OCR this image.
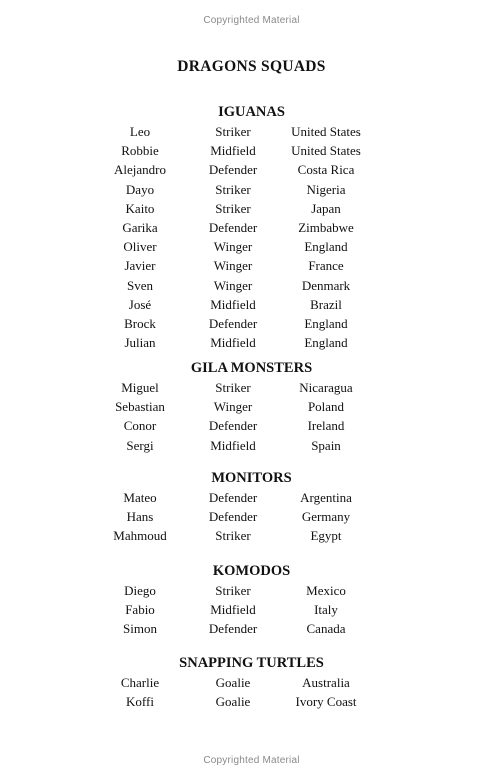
Copyrighted Material
DRAGONS SQUADS
IGUANAS
Leo	Striker	United States
Robbie	Midfield	United States
Alejandro	Defender	Costa Rica
Dayo	Striker	Nigeria
Kaito	Striker	Japan
Garika	Defender	Zimbabwe
Oliver	Winger	England
Javier	Winger	France
Sven	Winger	Denmark
José	Midfield	Brazil
Brock	Defender	England
Julian	Midfield	England
GILA MONSTERS
Miguel	Striker	Nicaragua
Sebastian	Winger	Poland
Conor	Defender	Ireland
Sergi	Midfield	Spain
MONITORS
Mateo	Defender	Argentina
Hans	Defender	Germany
Mahmoud	Striker	Egypt
KOMODOS
Diego	Striker	Mexico
Fabio	Midfield	Italy
Simon	Defender	Canada
SNAPPING TURTLES
Charlie	Goalie	Australia
Koffi	Goalie	Ivory Coast
Copyrighted Material
